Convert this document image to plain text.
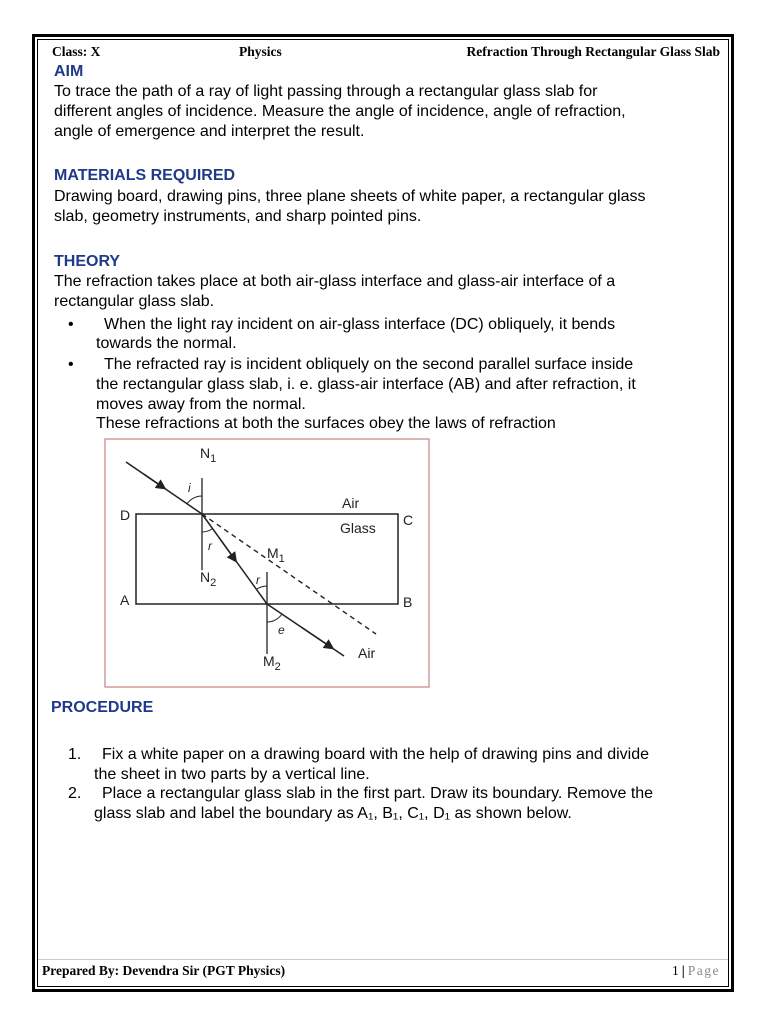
Class: X	Physics	Refraction Through Rectangular Glass Slab
AIM
To trace the path of a ray of light passing through a rectangular glass slab for
different angles of incidence. Measure the angle of incidence, angle of refraction,
angle of emergence and interpret the result.
MATERIALS REQUIRED
Drawing board, drawing pins, three plane sheets of white paper, a rectangular glass
slab, geometry instruments, and sharp pointed pins.
THEORY
The refraction takes place at both air-glass interface and glass-air interface of a
rectangular glass slab.
•	When the light ray incident on air-glass interface (DC) obliquely, it bends
towards the normal.
•	The refracted ray is incident obliquely on the second parallel surface inside
the rectangular glass slab, i. e. glass-air interface (AB) and after refraction, it
moves away from the normal.
These refractions at both the surfaces obey the laws of refraction
$N_1$
$N_2$
$M_1$
$M_2$
D	C
A	B
Air
Glass
Air
i
r
r
e
PROCEDURE
1.	Fix a white paper on a drawing board with the help of drawing pins and divide
the sheet in two parts by a vertical line.
2.	Place a rectangular glass slab in the first part. Draw its boundary. Remove the
glass slab and label the boundary as A₁, B₁, C₁, D₁ as shown below.
Prepared By: Devendra Sir (PGT Physics)	1 | Page
